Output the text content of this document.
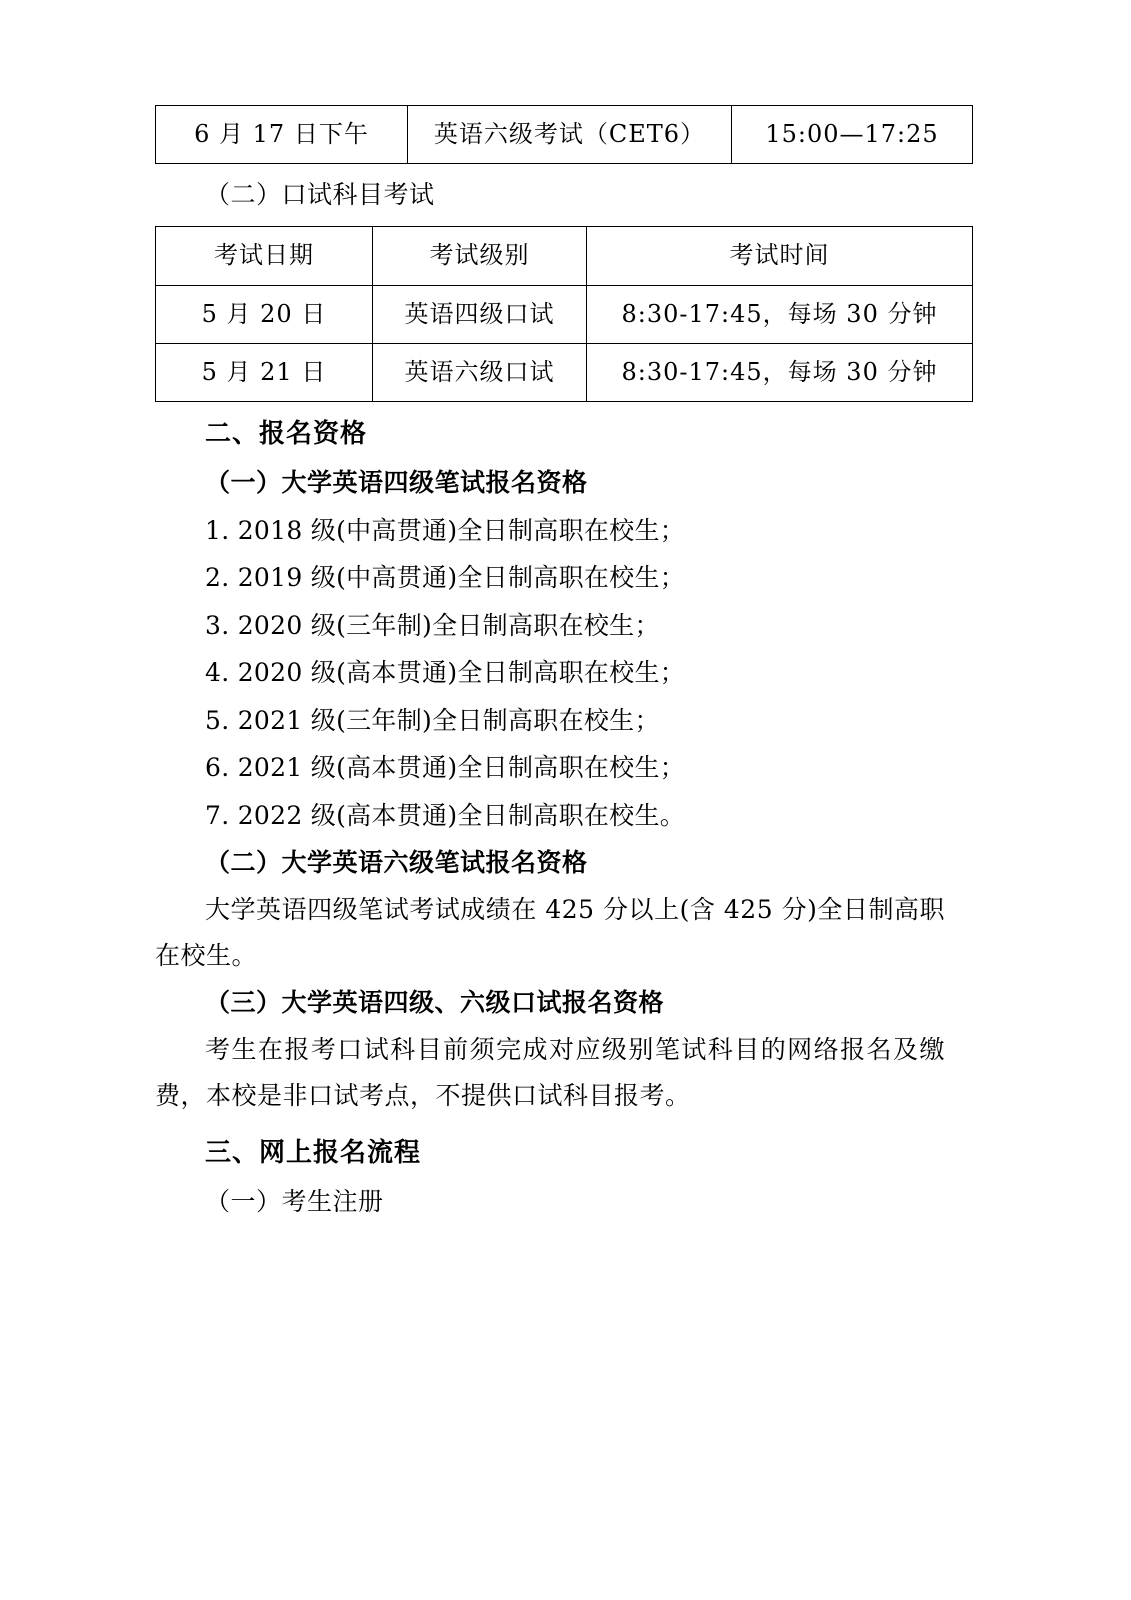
6 月 17 日下午	英语六级考试（CET6）	15:00—17:25

（二）口试科目考试

考试日期	考试级别	考试时间
5 月 20 日	英语四级口试	8:30-17:45，每场 30 分钟
5 月 21 日	英语六级口试	8:30-17:45，每场 30 分钟
二、报名资格

（一）大学英语四级笔试报名资格

1. 2018 级(中高贯通)全日制高职在校生；

2. 2019 级(中高贯通)全日制高职在校生；

3. 2020 级(三年制)全日制高职在校生；

4. 2020 级(高本贯通)全日制高职在校生；

5. 2021 级(三年制)全日制高职在校生；

6. 2021 级(高本贯通)全日制高职在校生；

7. 2022 级(高本贯通)全日制高职在校生。

（二）大学英语六级笔试报名资格

大学英语四级笔试考试成绩在 425 分以上(含 425 分)全日制高职在校生。

（三）大学英语四级、六级口试报名资格

考生在报考口试科目前须完成对应级别笔试科目的网络报名及缴费，本校是非口试考点，不提供口试科目报考。

三、网上报名流程

（一）考生注册
